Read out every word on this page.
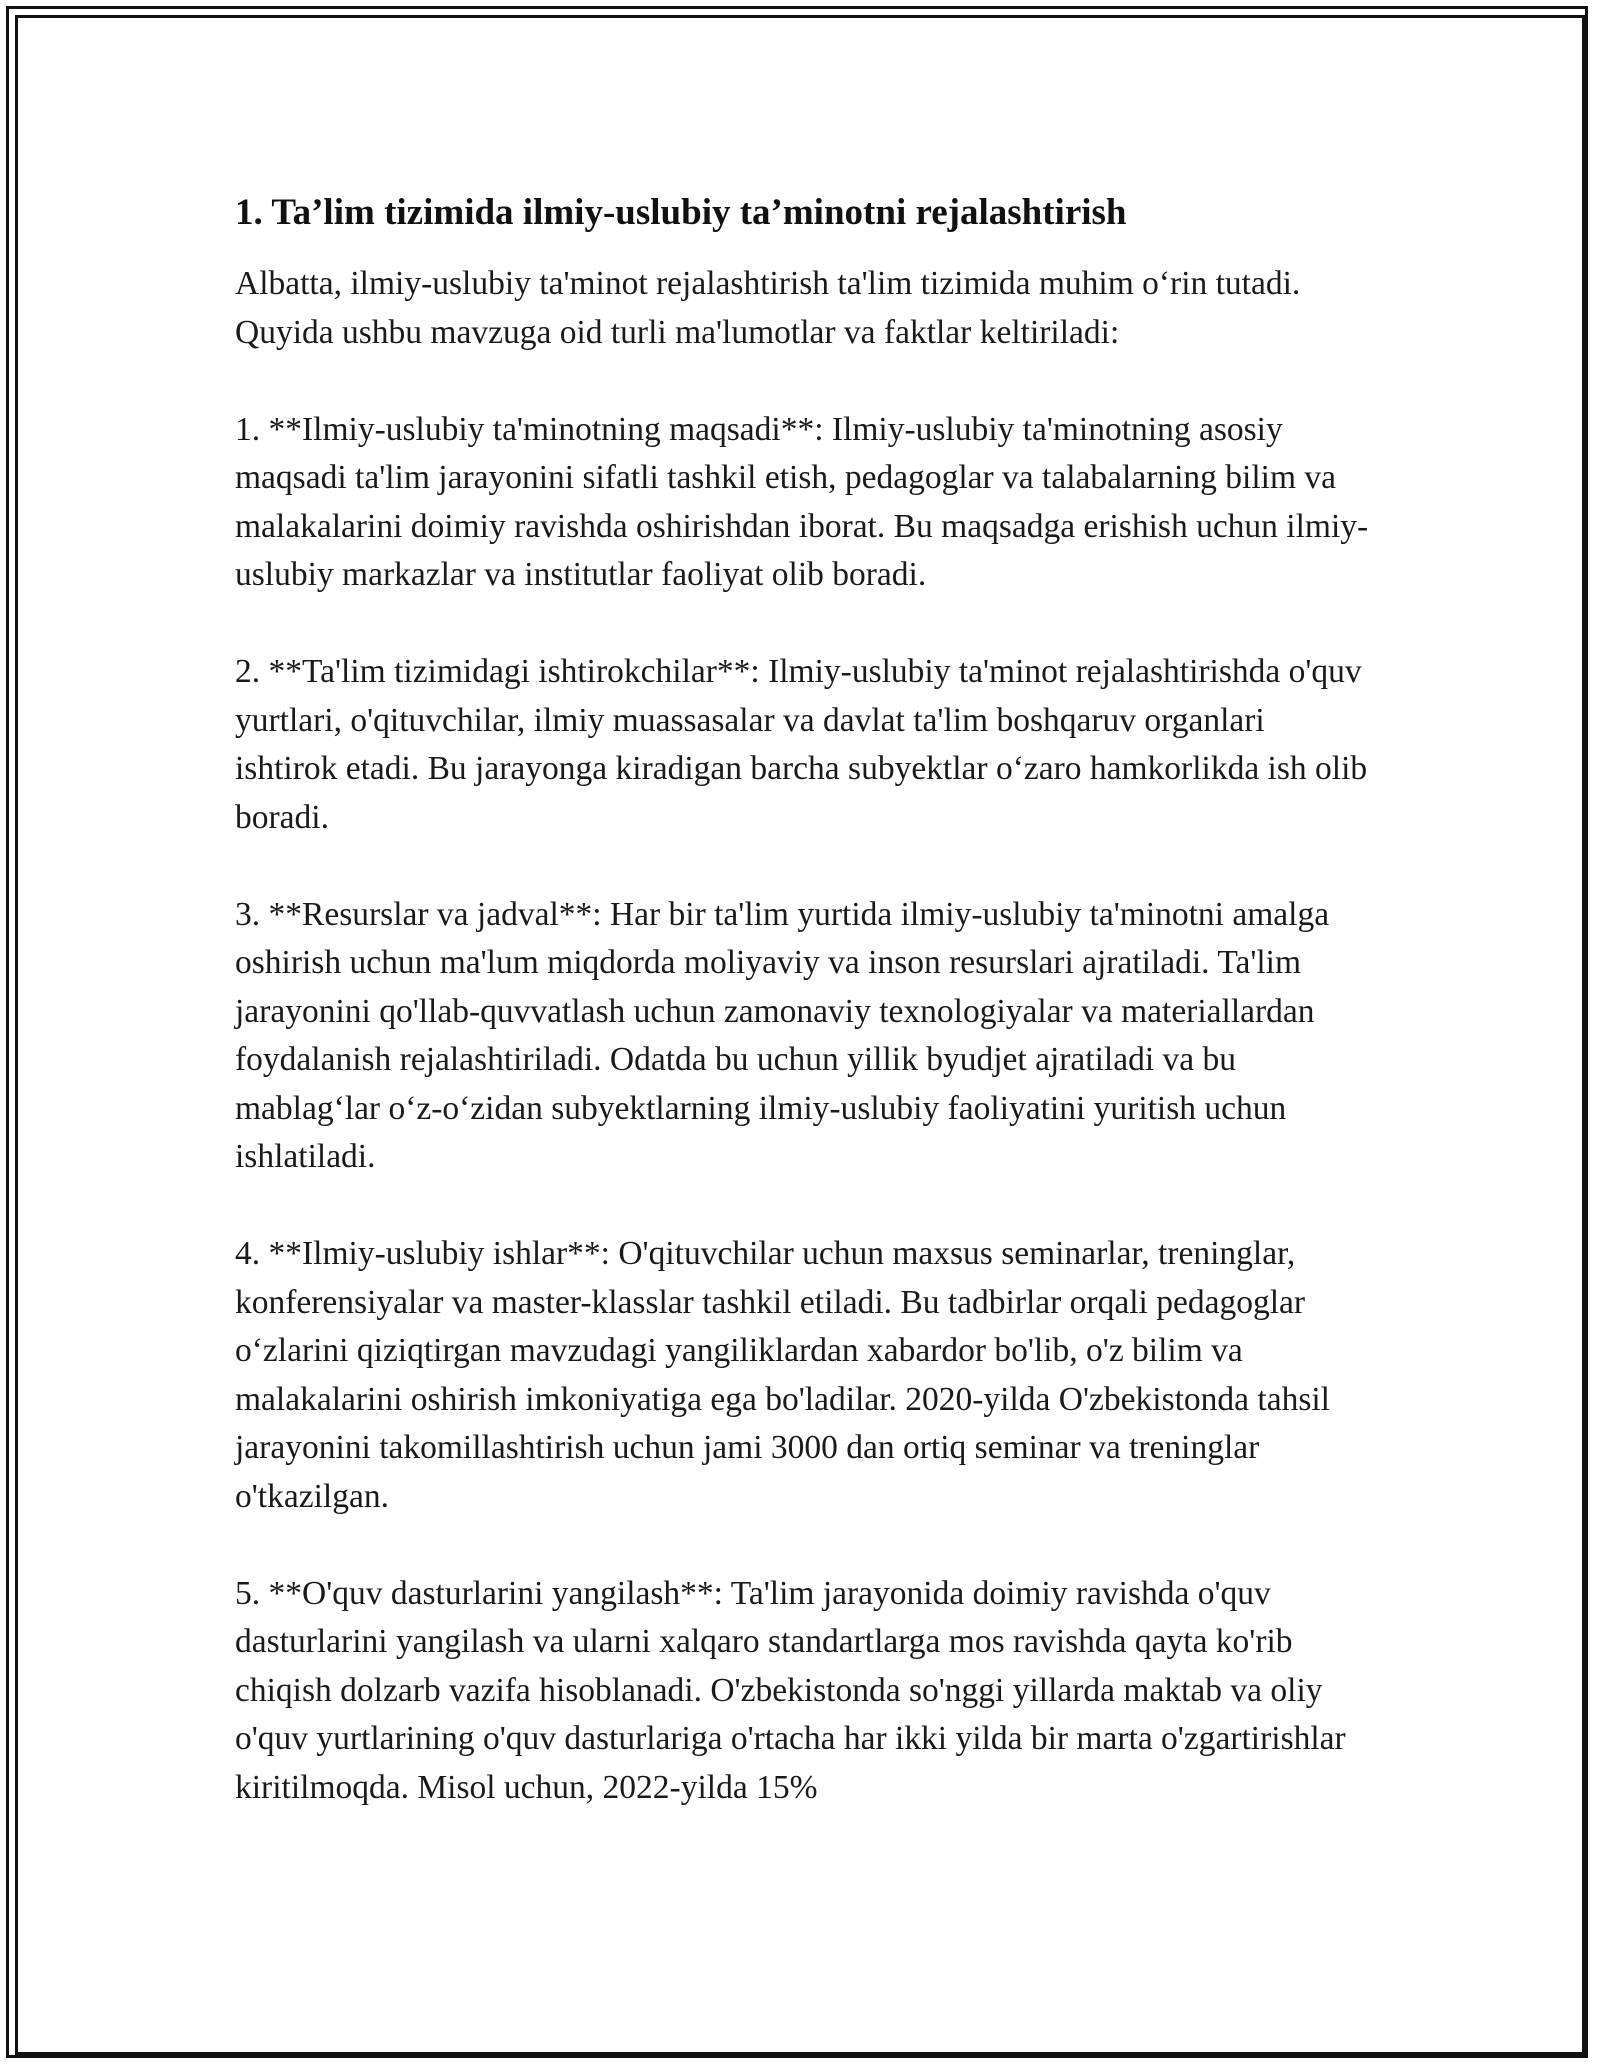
1. Ta’lim tizimida ilmiy-uslubiy ta’minotni rejalashtirish

Albatta, ilmiy-uslubiy ta'minot rejalashtirish ta'lim tizimida muhim oʻrin tutadi. Quyida ushbu mavzuga oid turli ma'lumotlar va faktlar keltiriladi:

1. **Ilmiy-uslubiy ta'minotning maqsadi**: Ilmiy-uslubiy ta'minotning asosiy maqsadi ta'lim jarayonini sifatli tashkil etish, pedagoglar va talabalarning bilim va malakalarini doimiy ravishda oshirishdan iborat. Bu maqsadga erishish uchun ilmiy-uslubiy markazlar va institutlar faoliyat olib boradi.

2. **Ta'lim tizimidagi ishtirokchilar**: Ilmiy-uslubiy ta'minot rejalashtirishda o'quv yurtlari, o'qituvchilar, ilmiy muassasalar va davlat ta'lim boshqaruv organlari ishtirok etadi. Bu jarayonga kiradigan barcha subyektlar oʻzaro hamkorlikda ish olib boradi.

3. **Resurslar va jadval**: Har bir ta'lim yurtida ilmiy-uslubiy ta'minotni amalga oshirish uchun ma'lum miqdorda moliyaviy va inson resurslari ajratiladi. Ta'lim jarayonini qo'llab-quvvatlash uchun zamonaviy texnologiyalar va materiallardan foydalanish rejalashtiriladi. Odatda bu uchun yillik byudjet ajratiladi va bu mablagʻlar oʻz-oʻzidan subyektlarning ilmiy-uslubiy faoliyatini yuritish uchun ishlatiladi.

4. **Ilmiy-uslubiy ishlar**: O'qituvchilar uchun maxsus seminarlar, treninglar, konferensiyalar va master-klasslar tashkil etiladi. Bu tadbirlar orqali pedagoglar oʻzlarini qiziqtirgan mavzudagi yangiliklardan xabardor bo'lib, o'z bilim va malakalarini oshirish imkoniyatiga ega bo'ladilar. 2020-yilda O'zbekistonda tahsil jarayonini takomillashtirish uchun jami 3000 dan ortiq seminar va treninglar o'tkazilgan.

5. **O'quv dasturlarini yangilash**: Ta'lim jarayonida doimiy ravishda o'quv dasturlarini yangilash va ularni xalqaro standartlarga mos ravishda qayta ko'rib chiqish dolzarb vazifa hisoblanadi. O'zbekistonda so'nggi yillarda maktab va oliy o'quv yurtlarining o'quv dasturlariga o'rtacha har ikki yilda bir marta o'zgartirishlar kiritilmoqda. Misol uchun, 2022-yilda 15%
